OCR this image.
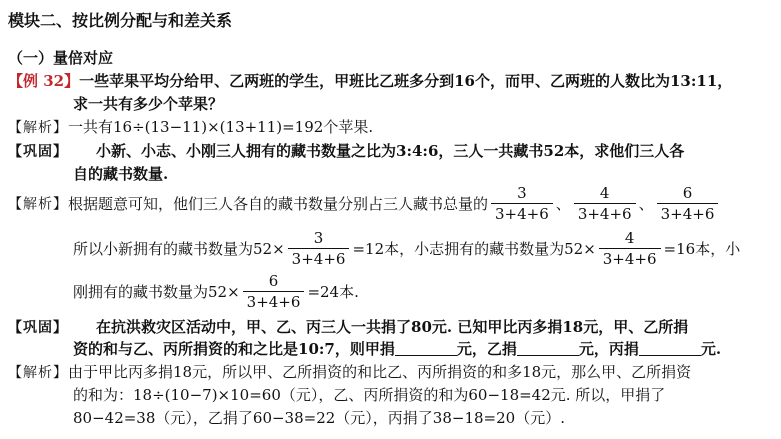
模块二、按比例分配与和差关系
（一）量倍对应
【例 32】一些苹果平均分给甲、乙两班的学生，甲班比乙班多分到16个，而甲、乙两班的人数比为13:11，
求一共有多少个苹果？
【解析】一共有16÷(13−11)×(13+11)=192个苹果.
【巩固】 小新、小志、小刚三人拥有的藏书数量之比为3:4:6，三人一共藏书52本，求他们三人各
自的藏书数量.
【解析】根据题意可知，他们三人各自的藏书数量分别占三人藏书总量的 $\frac{3}{3+4+6}$ 、 $\frac{4}{3+4+6}$ 、 $\frac{6}{3+4+6}$
所以小新拥有的藏书数量为$52\times \frac{3}{3+4+6} =12$本，小志拥有的藏书数量为$52\times \frac{4}{3+4+6} =16$本，小
刚拥有的藏书数量为$52\times \frac{6}{3+4+6} =24$本.
【巩固】 在抗洪救灾区活动中，甲、乙、丙三人一共捐了80元. 已知甲比丙多捐18元，甲、乙所捐
资的和与乙、丙所捐资的和之比是10:7，则甲捐	元，乙捐	元，丙捐	元.
【解析】由于甲比丙多捐18元，所以甲、乙所捐资的和比乙、丙所捐资的和多18元，那么甲、乙所捐资
的和为：18÷(10−7)×10=60（元），乙、丙所捐资的和为60−18=42元. 所以，甲捐了
80−42=38（元），乙捐了60−38=22（元），丙捐了38−18=20（元）.
